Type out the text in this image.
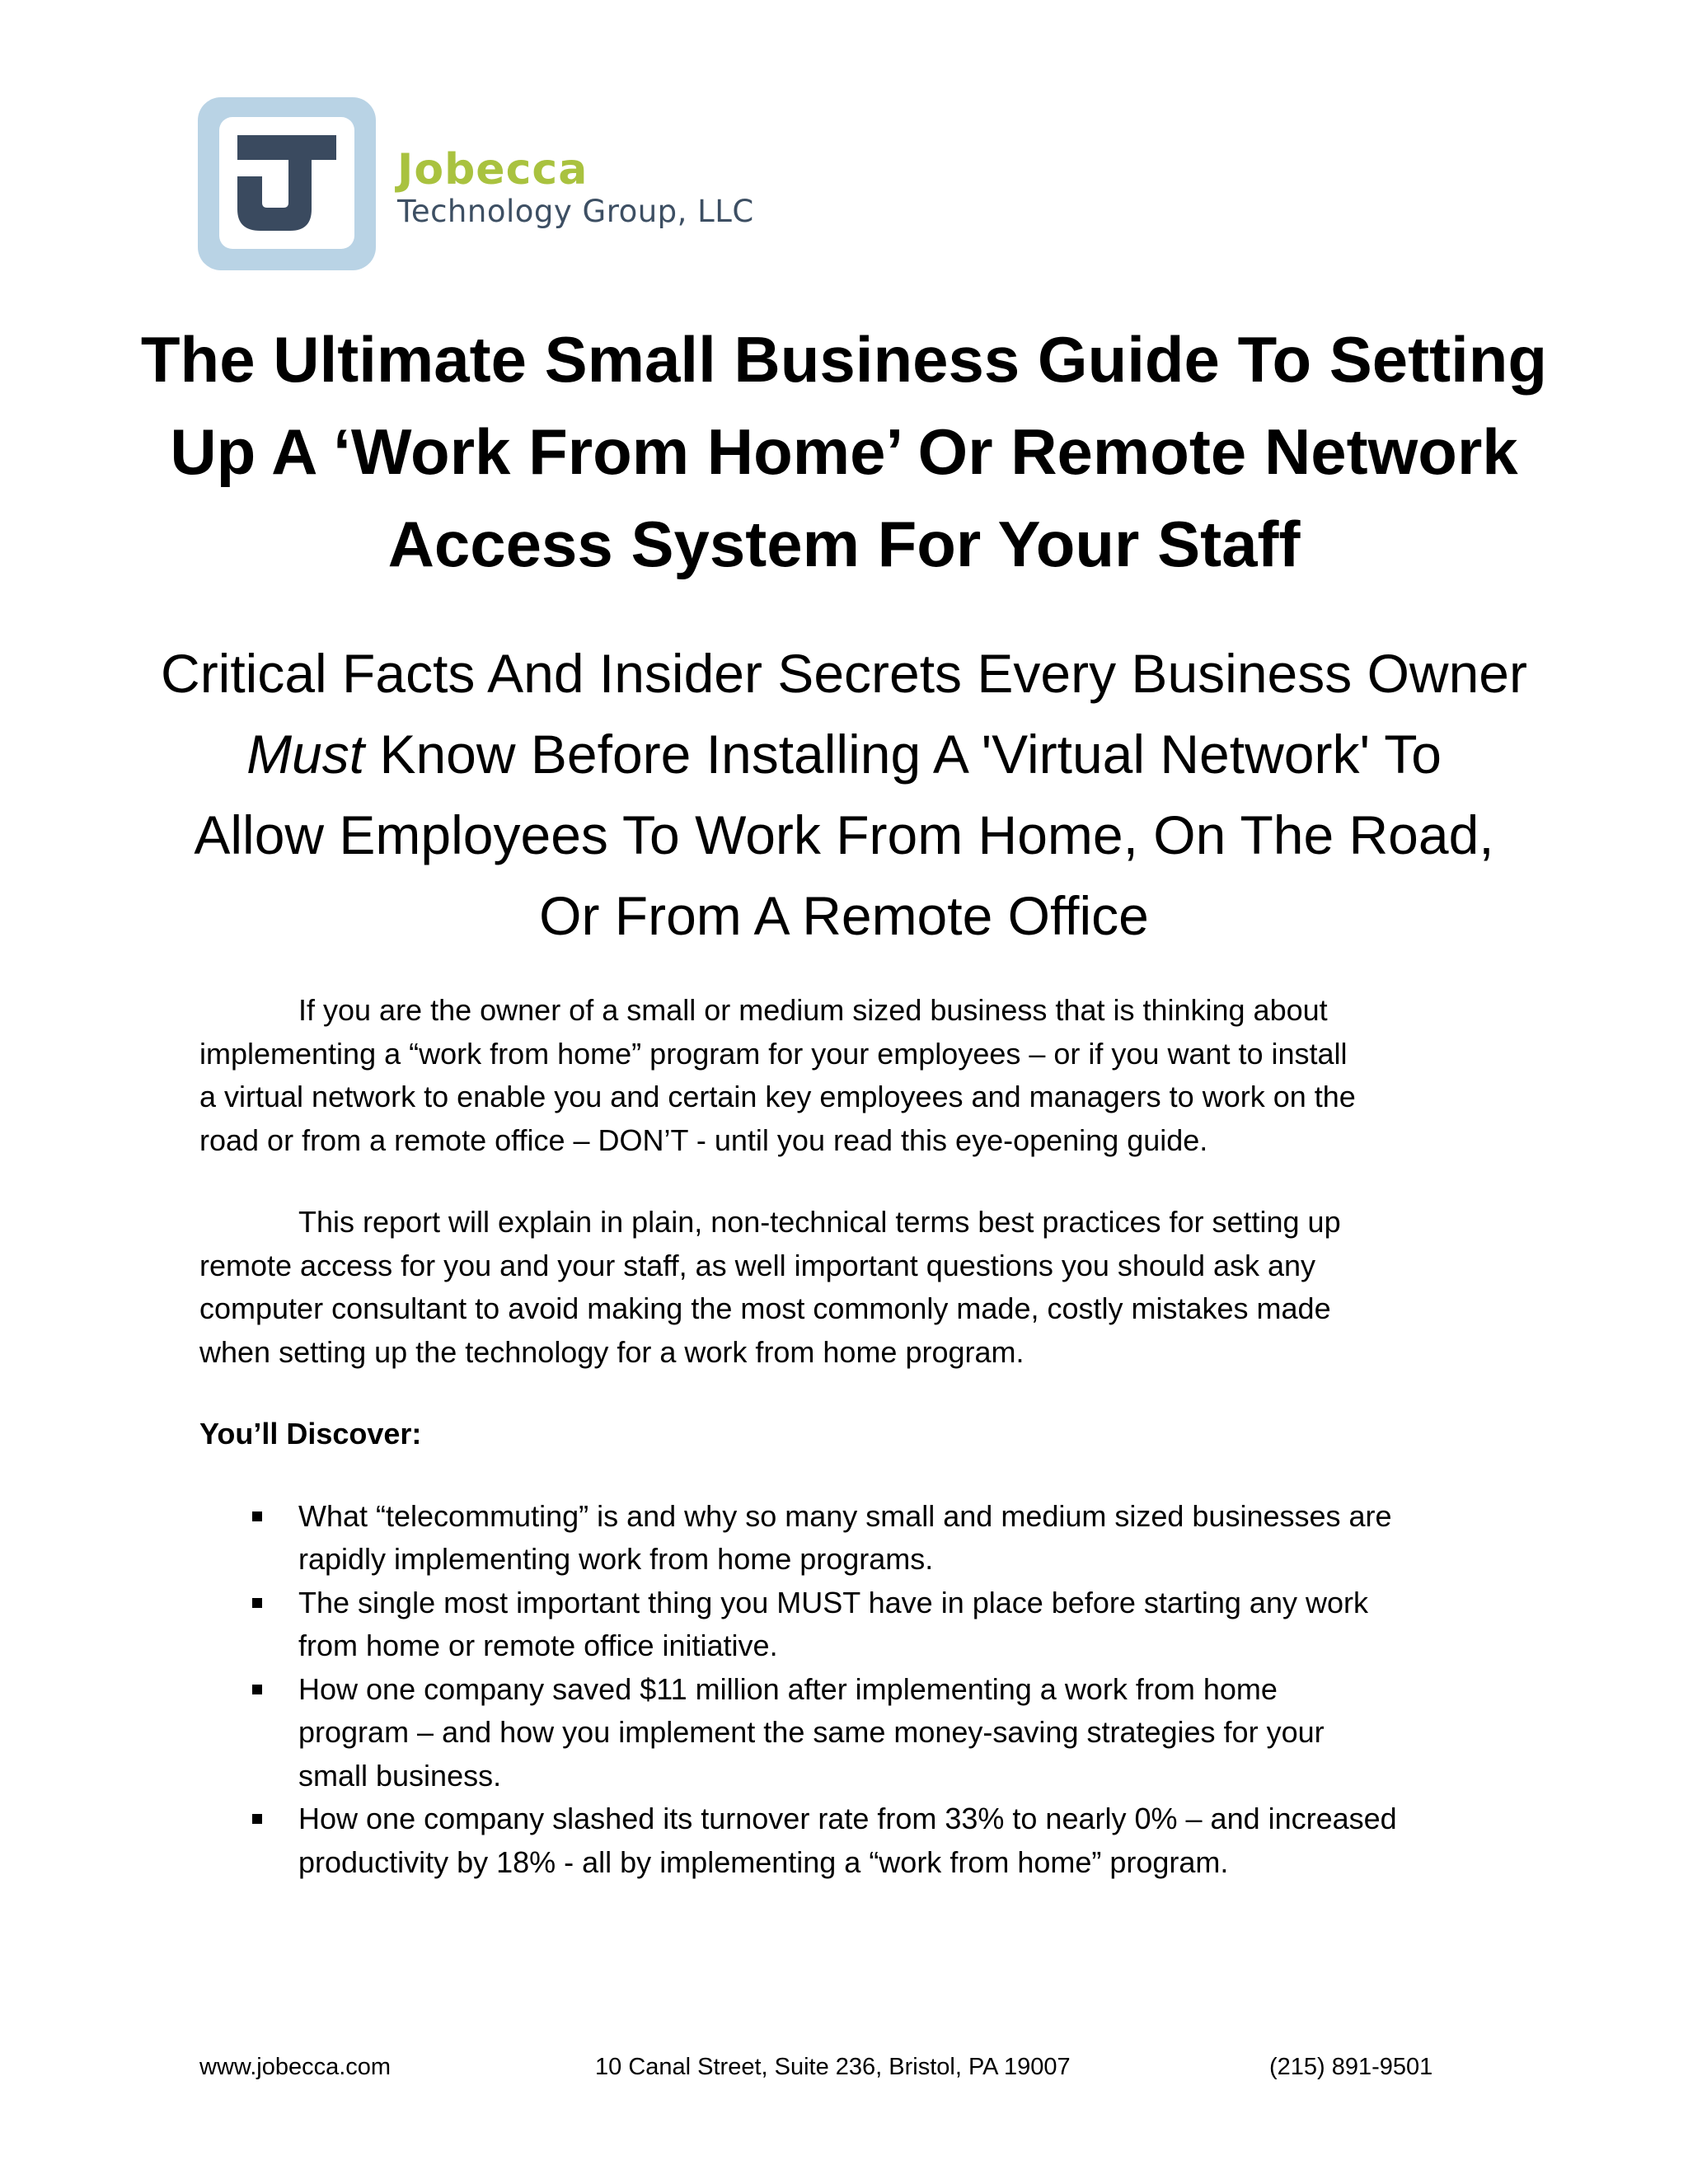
Jobecca
Technology Group, LLC
The Ultimate Small Business Guide To Setting
Up A ‘Work From Home’ Or Remote Network
Access System For Your Staff
Critical Facts And Insider Secrets Every Business Owner
Must Know Before Installing A 'Virtual Network' To
Allow Employees To Work From Home, On The Road,
Or From A Remote Office

If you are the owner of a small or medium sized business that is thinking about
implementing a “work from home” program for your employees – or if you want to install
a virtual network to enable you and certain key employees and managers to work on the
road or from a remote office – DON’T - until you read this eye-opening guide.

This report will explain in plain, non-technical terms best practices for setting up
remote access for you and your staff, as well important questions you should ask any
computer consultant to avoid making the most commonly made, costly mistakes made
when setting up the technology for a work from home program.

You’ll Discover:

What “telecommuting” is and why so many small and medium sized businesses are
rapidly implementing work from home programs.
The single most important thing you MUST have in place before starting any work
from home or remote office initiative.
How one company saved $11 million after implementing a work from home
program – and how you implement the same money-saving strategies for your
small business.
How one company slashed its turnover rate from 33% to nearly 0% – and increased
productivity by 18% - all by implementing a “work from home” program.
www.jobecca.com	10 Canal Street, Suite 236, Bristol, PA 19007	(215) 891-9501
